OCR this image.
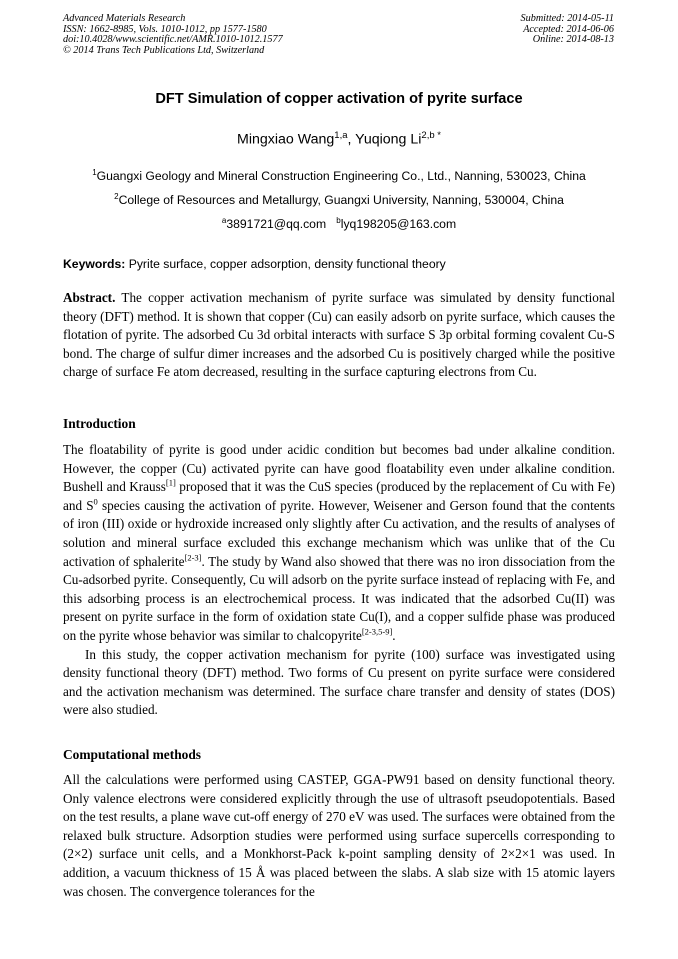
Advanced Materials Research
ISSN: 1662-8985, Vols. 1010-1012, pp 1577-1580
doi:10.4028/www.scientific.net/AMR.1010-1012.1577
© 2014 Trans Tech Publications Ltd, Switzerland
Submitted: 2014-05-11
Accepted: 2014-06-06
Online: 2014-08-13
DFT Simulation of copper activation of pyrite surface
Mingxiao Wang$^{1,a}$, Yuqiong $Li^{2,b *}$
$^1$Guangxi Geology and Mineral Construction Engineering Co., Ltd., Nanning, 530023, China
$^2$College of Resources and Metallurgy, Guangxi University, Nanning, 530004, China
$^a$3891721@qq.com $^b$lyq198205@163.com
Keywords: Pyrite surface, copper adsorption, density functional theory

Abstract. The copper activation mechanism of pyrite surface was simulated by density functional theory (DFT) method. It is shown that copper (Cu) can easily adsorb on pyrite surface, which causes the flotation of pyrite. The adsorbed Cu 3d orbital interacts with surface S 3p orbital forming covalent Cu-S bond. The charge of sulfur dimer increases and the adsorbed Cu is positively charged while the positive charge of surface Fe atom decreased, resulting in the surface capturing electrons from Cu.

Introduction

The floatability of pyrite is good under acidic condition but becomes bad under alkaline condition. However, the copper (Cu) activated pyrite can have good floatability even under alkaline condition. Bushell and Krauss[1] proposed that it was the CuS species (produced by the replacement of Cu with Fe) and $S^0$ species causing the activation of pyrite. However, Weisener and Gerson found that the contents of iron (III) oxide or hydroxide increased only slightly after Cu activation, and the results of analyses of solution and mineral surface excluded this exchange mechanism which was unlike that of the Cu activation of sphalerite[2-3]. The study by Wand also showed that there was no iron dissociation from the Cu-adsorbed pyrite. Consequently, Cu will adsorb on the pyrite surface instead of replacing with Fe, and this adsorbing process is an electrochemical process. It was indicated that the adsorbed Cu(II) was present on pyrite surface in the form of oxidation state Cu(I), and a copper sulfide phase was produced on the pyrite whose behavior was similar to chalcopyrite[2-3,5-9].

In this study, the copper activation mechanism for pyrite (100) surface was investigated using density functional theory (DFT) method. Two forms of Cu present on pyrite surface were considered and the activation mechanism was determined. The surface chare transfer and density of states (DOS) were also studied.

Computational methods

All the calculations were performed using CASTEP, GGA-PW91 based on density functional theory. Only valence electrons were considered explicitly through the use of ultrasoft pseudopotentials. Based on the test results, a plane wave cut-off energy of 270 eV was used. The surfaces were obtained from the relaxed bulk structure. Adsorption studies were performed using surface supercells corresponding to (2×2) surface unit cells, and a Monkhorst-Pack k-point sampling density of 2×2×1 was used. In addition, a vacuum thickness of 15 Å was placed between the slabs. A slab size with 15 atomic layers was chosen. The convergence tolerances for the
